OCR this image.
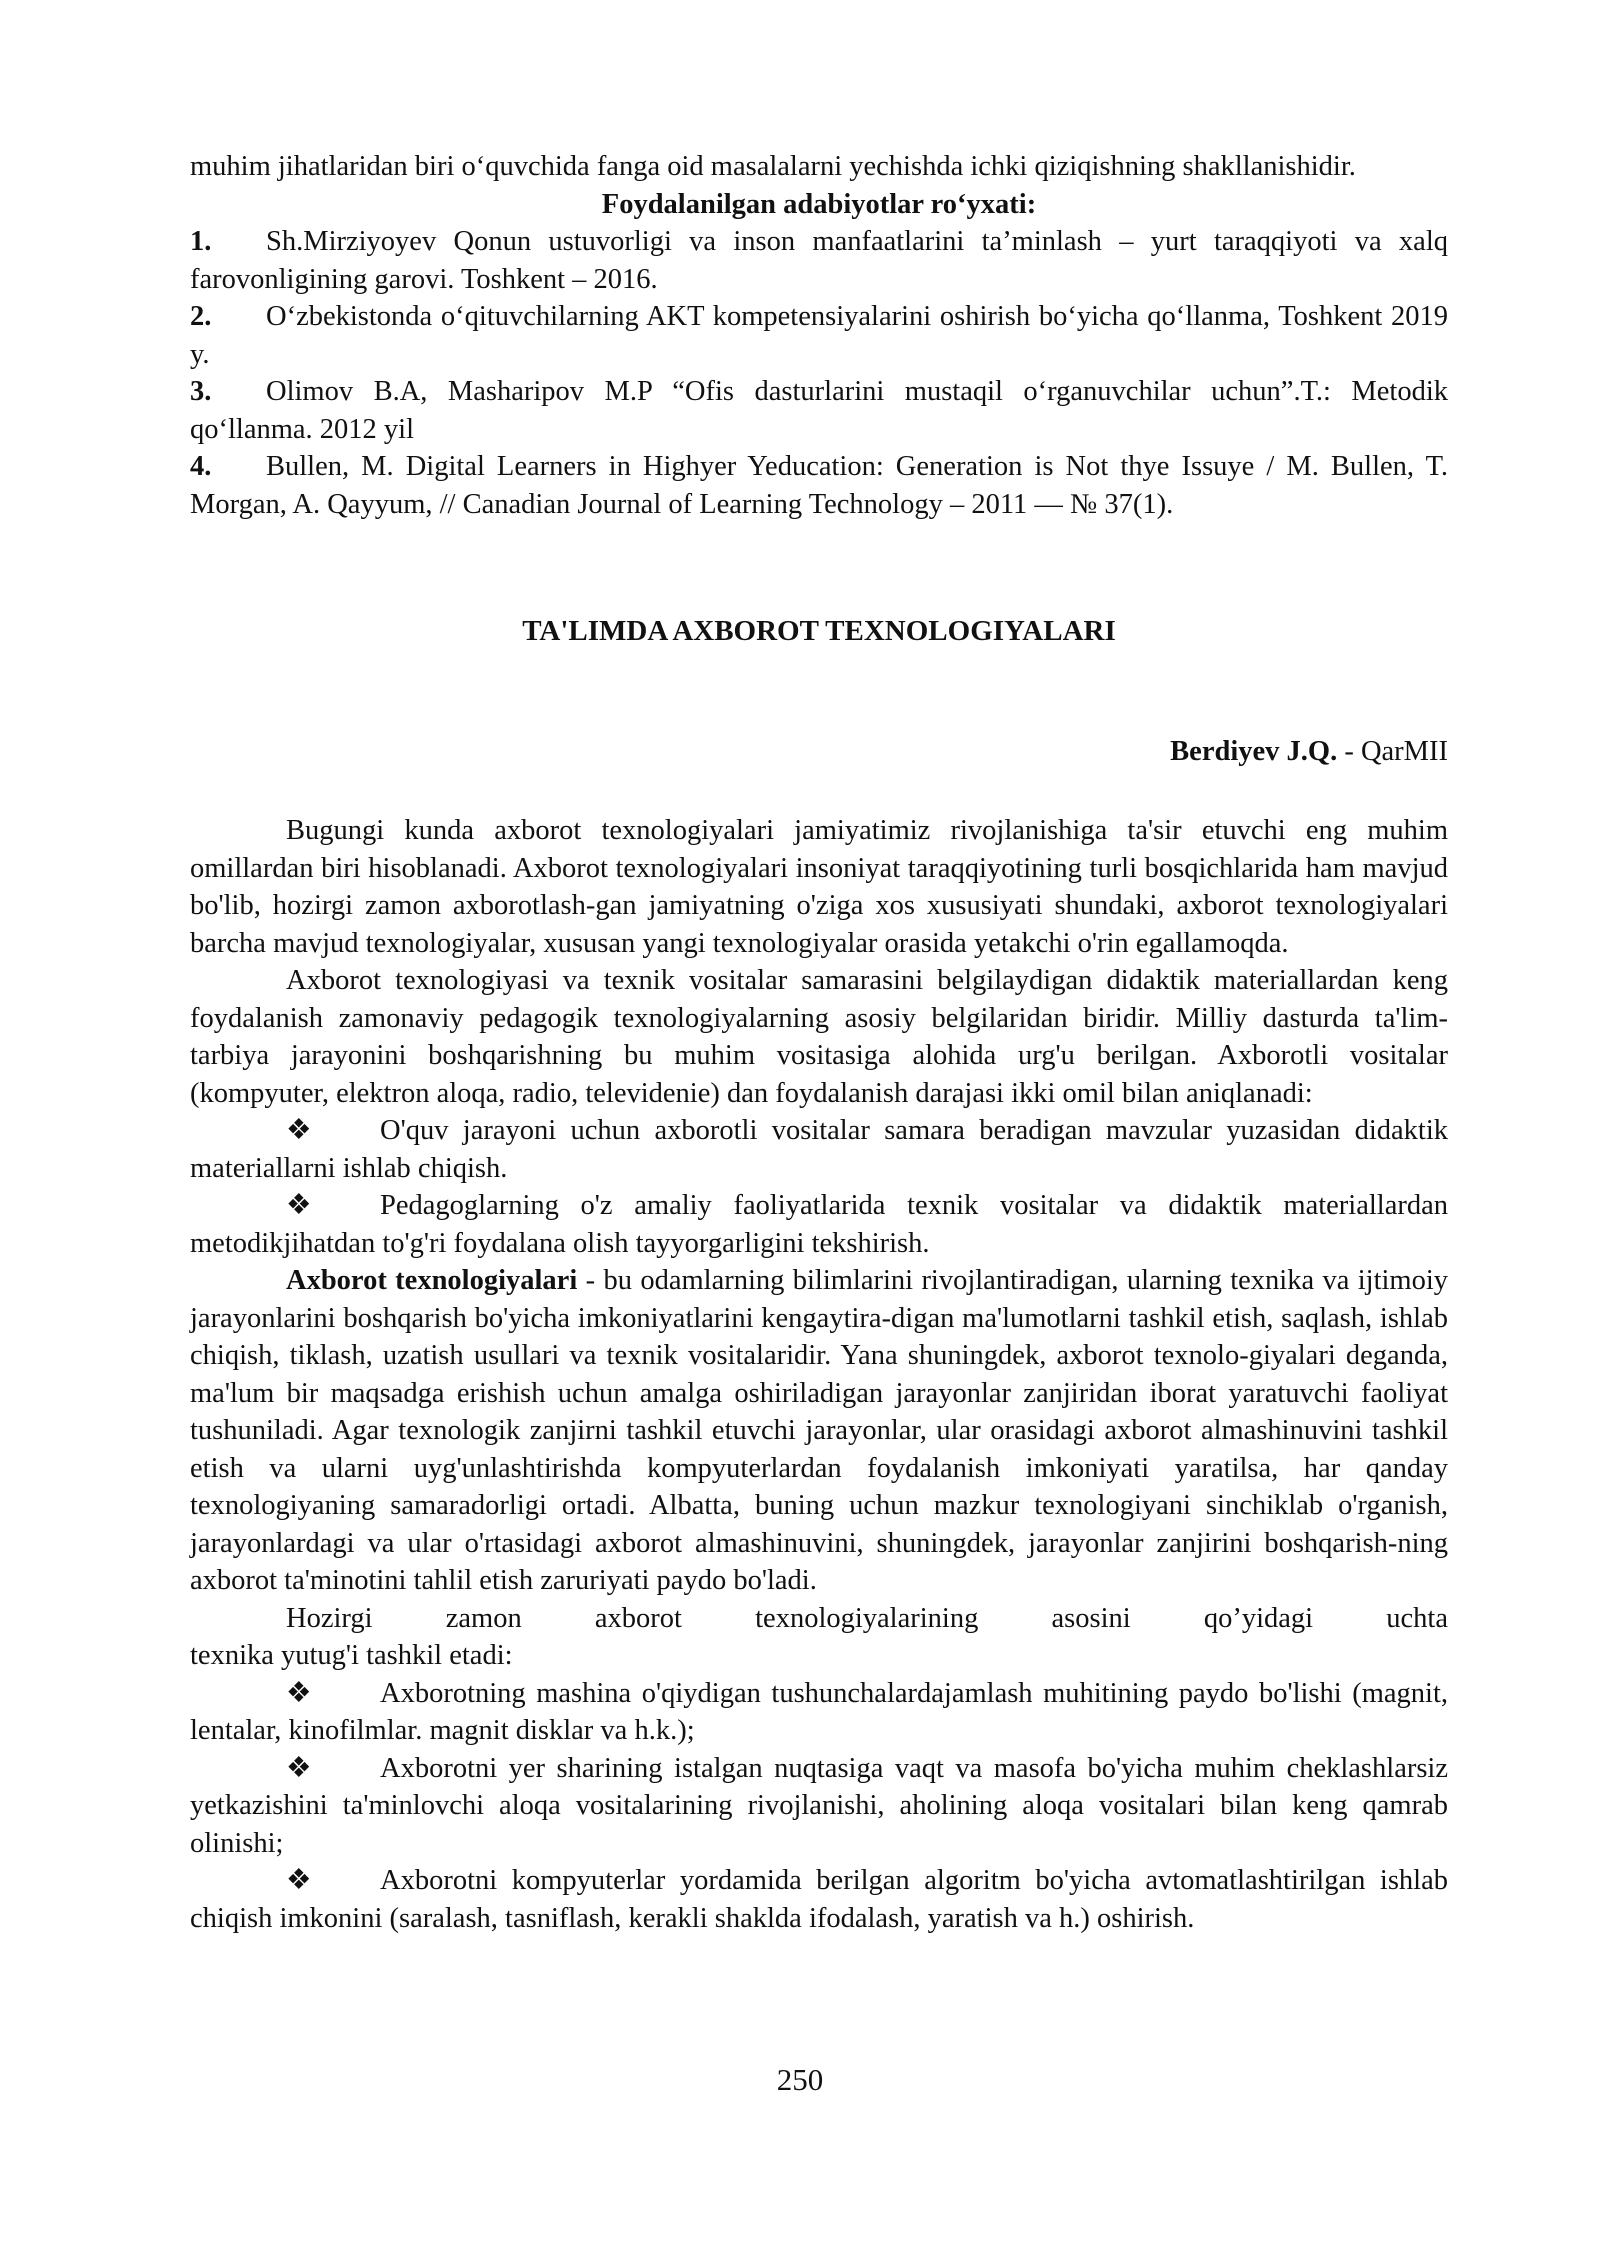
muhim jihatlaridan biri o‘quvchida fanga oid masalalarni yechishda ichki qiziqishning shakllanishidir.

Foydalanilgan adabiyotlar ro‘yxati:

1. Sh.Mirziyoyev Qonun ustuvorligi va inson manfaatlarini ta’minlash – yurt taraqqiyoti va xalq farovonligining garovi. Toshkent – 2016.

2. O‘zbekistonda o‘qituvchilarning AKT kompetensiyalarini oshirish bo‘yicha qo‘llanma, Toshkent 2019 y.

3. Olimov B.A, Masharipov M.P “Ofis dasturlarini mustaqil o‘rganuvchilar uchun”.T.: Metodik qo‘llanma. 2012 yil

4. Bullen, M. Digital Learners in Highyer Yeducation: Generation is Not thye Issuye / M. Bullen, T. Morgan, A. Qayyum, // Canadian Journal of Learning Technology – 2011 — № 37(1).

TA'LIMDA AXBOROT TEXNOLOGIYALARI

Berdiyev J.Q. - QarMII

Bugungi kunda axborot texnologiyalari jamiyatimiz rivojlanishiga ta'sir etuvchi eng muhim omillardan biri hisoblanadi. Axborot texnologiyalari insoniyat taraqqiyotining turli bosqichlarida ham mavjud bo'lib, hozirgi zamon axborotlash-gan jamiyatning o'ziga xos xususiyati shundaki, axborot texnologiyalari barcha mavjud texnologiyalar, xususan yangi texnologiyalar orasida yetakchi o'rin egallamoqda.

Axborot texnologiyasi va texnik vositalar samarasini belgilaydigan didaktik materiallardan keng foydalanish zamonaviy pedagogik texnologiyalarning asosiy belgilaridan biridir. Milliy dasturda ta'lim-tarbiya jarayonini boshqarishning bu muhim vositasiga alohida urg'u berilgan. Axborotli vositalar (kompyuter, elektron aloqa, radio, televidenie) dan foydalanish darajasi ikki omil bilan aniqlanadi:

❖ O'quv jarayoni uchun axborotli vositalar samara beradigan mavzular yuzasidan didaktik materiallarni ishlab chiqish.

❖ Pedagoglarning o'z amaliy faoliyatlarida texnik vositalar va didaktik materiallardan metodikjihatdan to'g'ri foydalana olish tayyorgarligini tekshirish.

Axborot texnologiyalari - bu odamlarning bilimlarini rivojlantiradigan, ularning texnika va ijtimoiy jarayonlarini boshqarish bo'yicha imkoniyatlarini kengaytira-digan ma'lumotlarni tashkil etish, saqlash, ishlab chiqish, tiklash, uzatish usullari va texnik vositalaridir. Yana shuningdek, axborot texnolo-giyalari deganda, ma'lum bir maqsadga erishish uchun amalga oshiriladigan jarayonlar zanjiridan iborat yaratuvchi faoliyat tushuniladi. Agar texnologik zanjirni tashkil etuvchi jarayonlar, ular orasidagi axborot almashinuvini tashkil etish va ularni uyg'unlashtirishda kompyuterlardan foydalanish imkoniyati yaratilsa, har qanday texnologiyaning samaradorligi ortadi. Albatta, buning uchun mazkur texnologiyani sinchiklab o'rganish, jarayonlardagi va ular o'rtasidagi axborot almashinuvini, shuningdek, jarayonlar zanjirini boshqarish-ning axborot ta'minotini tahlil etish zaruriyati paydo bo'ladi.

Hozirgi zamon axborot texnologiyalarining asosini qo’yidagi uchta

texnika yutug'i tashkil etadi:

❖ Axborotning mashina o'qiydigan tushunchalardajamlash muhitining paydo bo'lishi (magnit, lentalar, kinofilmlar. magnit disklar va h.k.);

❖ Axborotni yer sharining istalgan nuqtasiga vaqt va masofa bo'yicha muhim cheklashlarsiz yetkazishini ta'minlovchi aloqa vositalarining rivojlanishi, aholining aloqa vositalari bilan keng qamrab olinishi;

❖ Axborotni kompyuterlar yordamida berilgan algoritm bo'yicha avtomatlashtirilgan ishlab chiqish imkonini (saralash, tasniflash, kerakli shaklda ifodalash, yaratish va h.) oshirish.

250
